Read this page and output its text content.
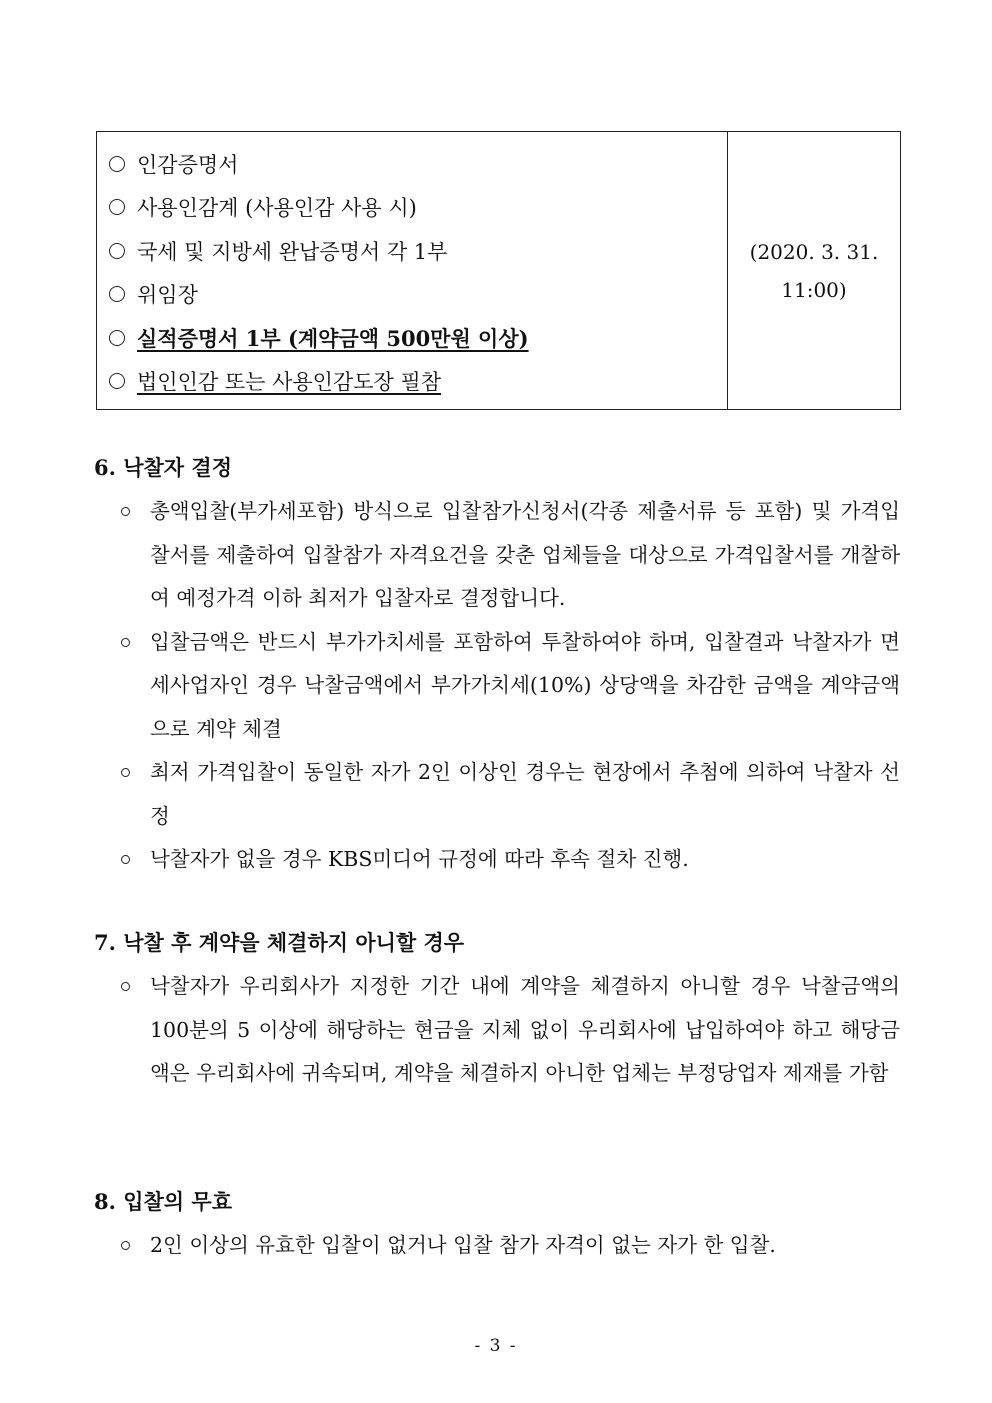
인감증명서
사용인감계 (사용인감 사용 시)
국세 및 지방세 완납증명서 각 1부
위임장
실적증명서 1부 (계약금액 500만원 이상)
법인인감 또는 사용인감도장 필참
(2020. 3. 31.
11:00)
6. 낙찰자 결정
총액입찰(부가세포함) 방식으로 입찰참가신청서(각종 제출서류 등 포함) 및 가격입찰서를 제출하여 입찰참가 자격요건을 갖춘 업체들을 대상으로 가격입찰서를 개찰하여 예정가격 이하 최저가 입찰자로 결정합니다.
입찰금액은 반드시 부가가치세를 포함하여 투찰하여야 하며, 입찰결과 낙찰자가 면세사업자인 경우 낙찰금액에서 부가가치세(10%) 상당액을 차감한 금액을 계약금액으로 계약 체결
최저 가격입찰이 동일한 자가 2인 이상인 경우는 현장에서 추첨에 의하여 낙찰자 선정
낙찰자가 없을 경우 KBS미디어 규정에 따라 후속 절차 진행.
7. 낙찰 후 계약을 체결하지 아니할 경우
낙찰자가 우리회사가 지정한 기간 내에 계약을 체결하지 아니할 경우 낙찰금액의 100분의 5 이상에 해당하는 현금을 지체 없이 우리회사에 납입하여야 하고 해당금액은 우리회사에 귀속되며, 계약을 체결하지 아니한 업체는 부정당업자 제재를 가함
8. 입찰의 무효
2인 이상의 유효한 입찰이 없거나 입찰 참가 자격이 없는 자가 한 입찰.
- 3 -
